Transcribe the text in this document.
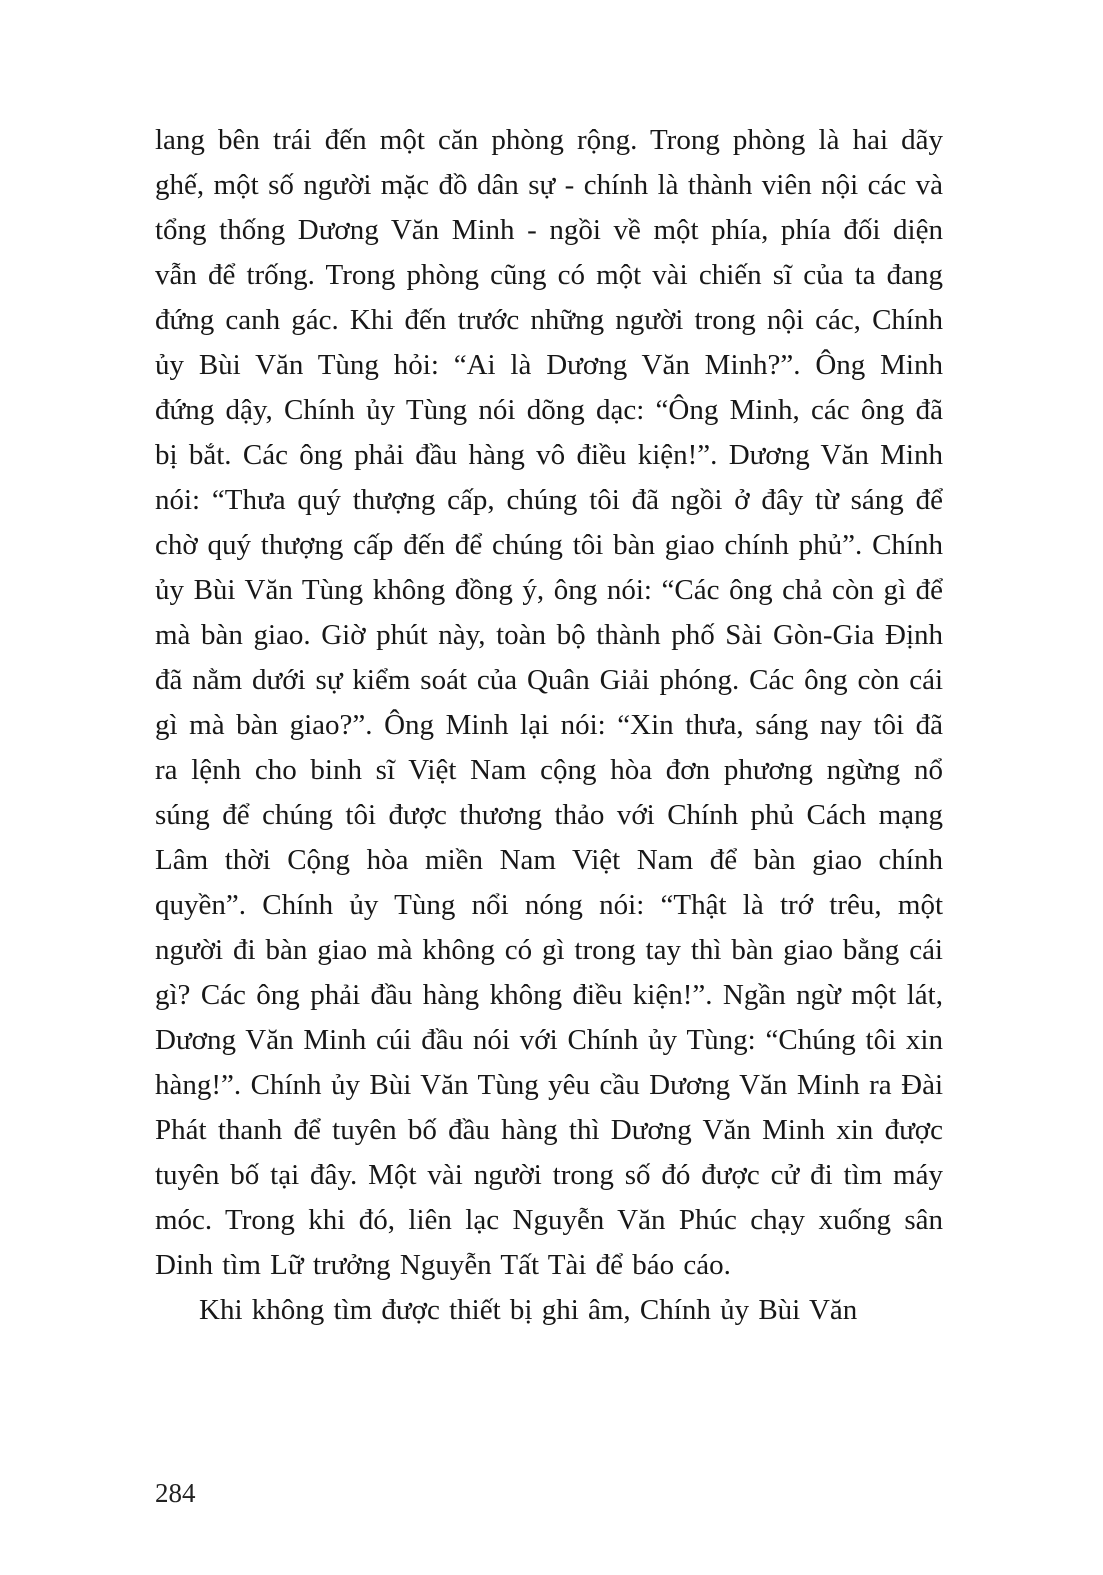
lang bên trái đến một căn phòng rộng. Trong phòng là hai dãy ghế, một số người mặc đồ dân sự - chính là thành viên nội các và tổng thống Dương Văn Minh - ngồi về một phía, phía đối diện vẫn để trống. Trong phòng cũng có một vài chiến sĩ của ta đang đứng canh gác. Khi đến trước những người trong nội các, Chính ủy Bùi Văn Tùng hỏi: “Ai là Dương Văn Minh?”. Ông Minh đứng dậy, Chính ủy Tùng nói dõng dạc: “Ông Minh, các ông đã bị bắt. Các ông phải đầu hàng vô điều kiện!”. Dương Văn Minh nói: “Thưa quý thượng cấp, chúng tôi đã ngồi ở đây từ sáng để chờ quý thượng cấp đến để chúng tôi bàn giao chính phủ”. Chính ủy Bùi Văn Tùng không đồng ý, ông nói: “Các ông chả còn gì để mà bàn giao. Giờ phút này, toàn bộ thành phố Sài Gòn-Gia Định đã nằm dưới sự kiểm soát của Quân Giải phóng. Các ông còn cái gì mà bàn giao?”. Ông Minh lại nói: “Xin thưa, sáng nay tôi đã ra lệnh cho binh sĩ Việt Nam cộng hòa đơn phương ngừng nổ súng để chúng tôi được thương thảo với Chính phủ Cách mạng Lâm thời Cộng hòa miền Nam Việt Nam để bàn giao chính quyền”. Chính ủy Tùng nổi nóng nói: “Thật là trớ trêu, một người đi bàn giao mà không có gì trong tay thì bàn giao bằng cái gì? Các ông phải đầu hàng không điều kiện!”. Ngần ngừ một lát, Dương Văn Minh cúi đầu nói với Chính ủy Tùng: “Chúng tôi xin hàng!”. Chính ủy Bùi Văn Tùng yêu cầu Dương Văn Minh ra Đài Phát thanh để tuyên bố đầu hàng thì Dương Văn Minh xin được tuyên bố tại đây. Một vài người trong số đó được cử đi tìm máy móc. Trong khi đó, liên lạc Nguyễn Văn Phúc chạy xuống sân Dinh tìm Lữ trưởng Nguyễn Tất Tài để báo cáo.

Khi không tìm được thiết bị ghi âm, Chính ủy Bùi Văn

284
